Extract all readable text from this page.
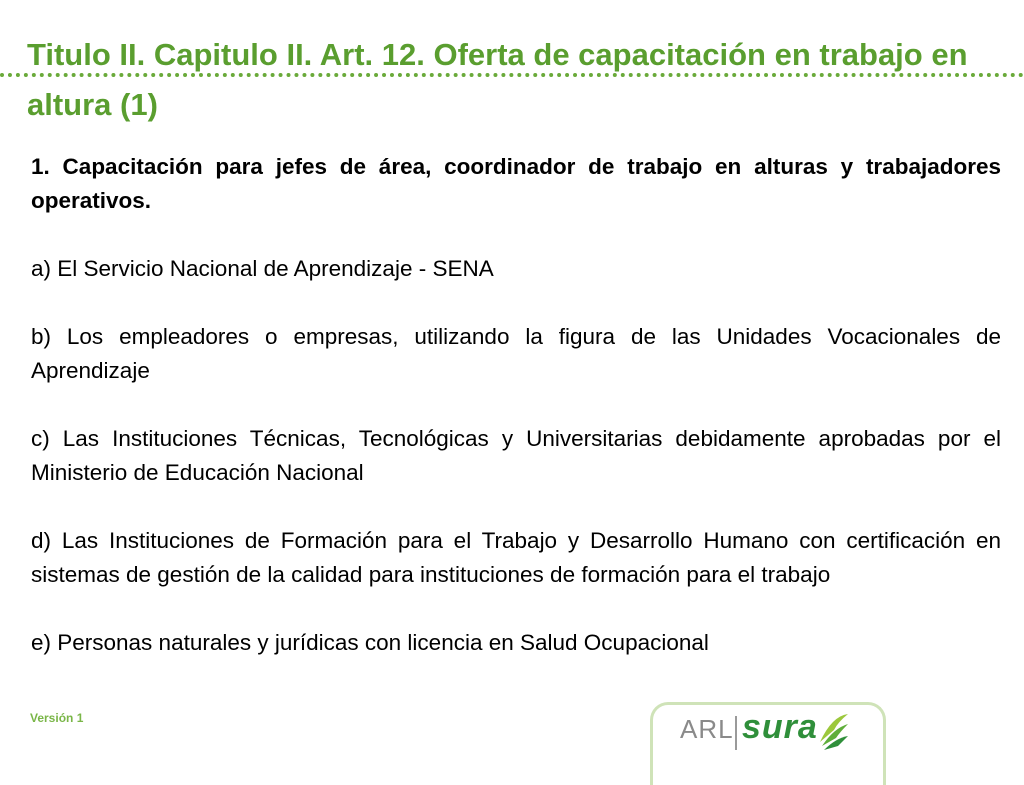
Titulo II. Capitulo II. Art. 12. Oferta de capacitación en trabajo en altura (1)

1. Capacitación para jefes de área, coordinador de trabajo en alturas y trabajadores operativos.

a) El Servicio Nacional de Aprendizaje - SENA

b) Los empleadores o empresas, utilizando la figura de las Unidades Vocacionales de Aprendizaje

c) Las Instituciones Técnicas, Tecnológicas y Universitarias debidamente aprobadas por el Ministerio de Educación Nacional

d) Las Instituciones de Formación para el Trabajo y Desarrollo Humano con certificación en sistemas de gestión de la calidad para instituciones de formación para el trabajo

e) Personas naturales y jurídicas con licencia en Salud Ocupacional

Versión 1	ARL sura
